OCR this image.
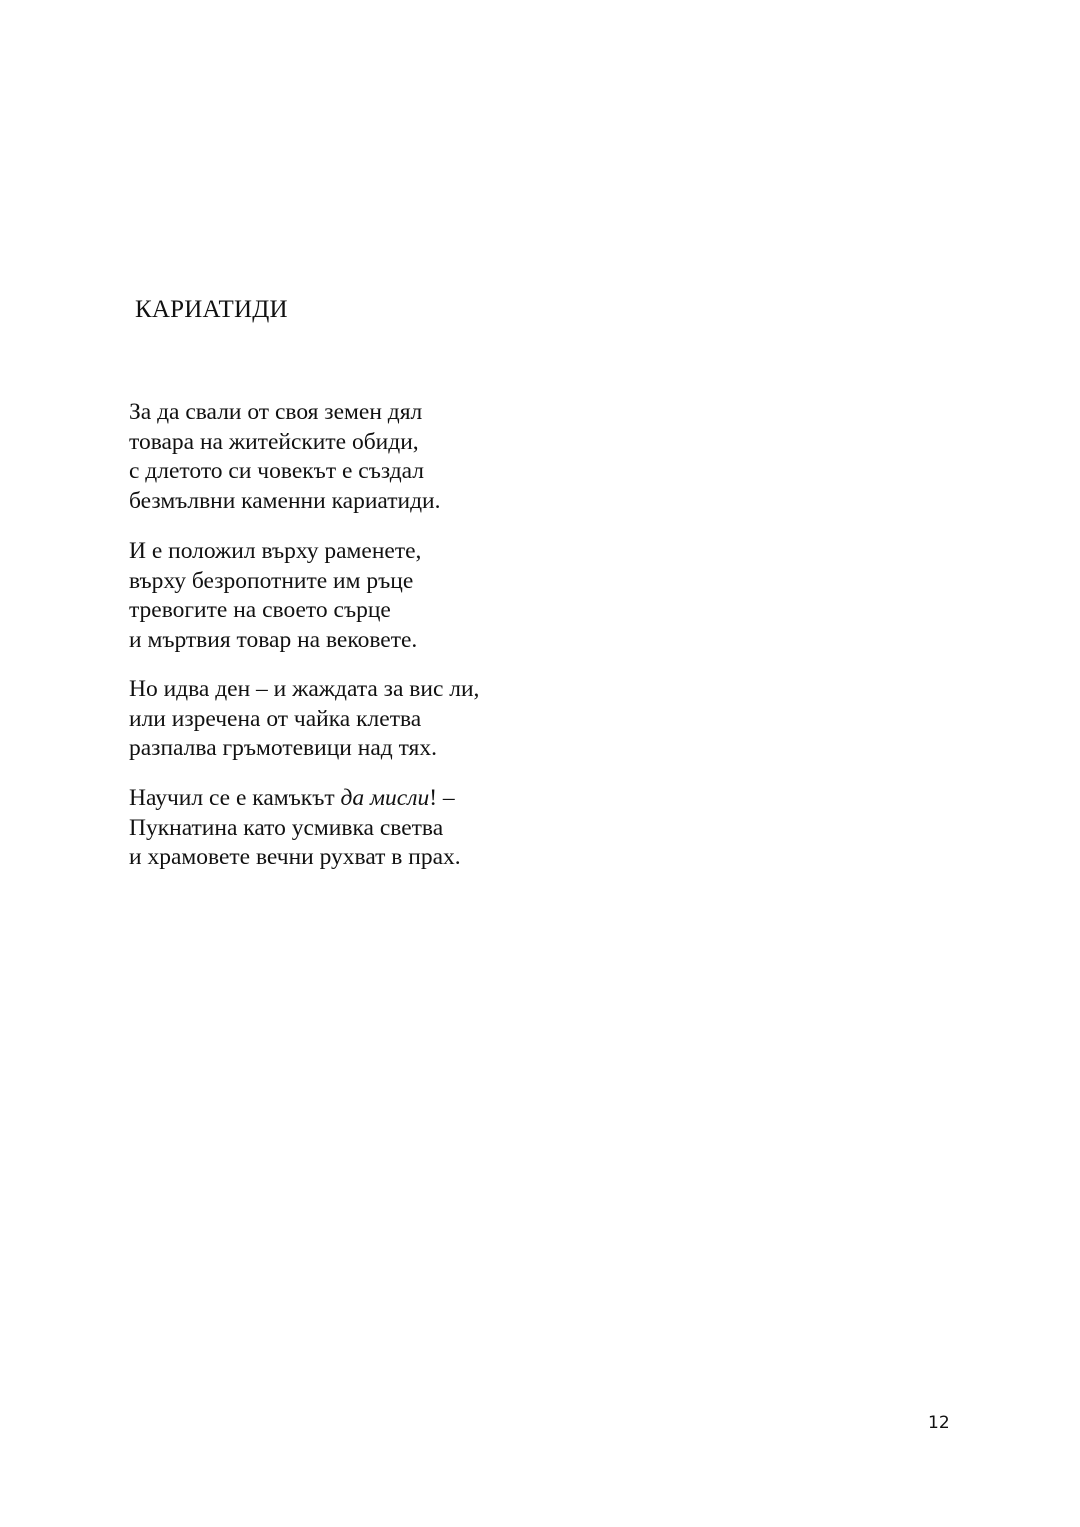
КАРИАТИДИ

За да свали от своя земен дял
товара на житейските обиди,
с длетото си човекът е създал
безмълвни каменни кариатиди.

И е положил върху раменете,
върху безропотните им ръце
тревогите на своето сърце
и мъртвия товар на вековете.

Но идва ден – и жаждата за вис ли,
или изречена от чайка клетва
разпалва гръмотевици над тях.

Научил се е камъкът да мисли! –
Пукнатина като усмивка светва
и храмовете вечни рухват в прах.

12
